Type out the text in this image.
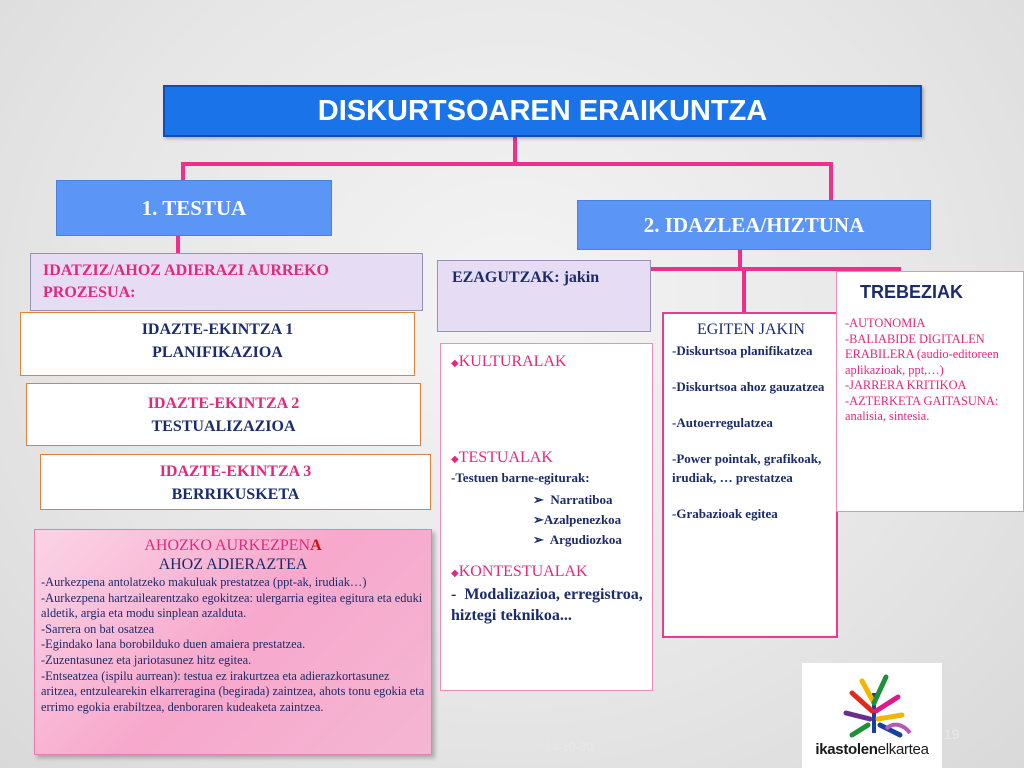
DISKURTSOAREN ERAIKUNTZA
1. TESTUA
IDATZIZ/AHOZ ADIERAZI AURREKO PROZESUA:
IDAZTE-EKINTZA 1
PLANIFIKAZIOA
IDAZTE-EKINTZA 2
TESTUALIZAZIOA
IDAZTE-EKINTZA 3
BERRIKUSKETA
AHOZKO AURKEZPENA
AHOZ ADIERAZTEA
-Aurkezpena antolatzeko makuluak prestatzea (ppt-ak, irudiak…)
-Aurkezpena hartzailearentzako egokitzea: ulergarria egitea egitura eta eduki aldetik, argia eta modu sinplean azalduta.
-Sarrera on bat osatzea
-Egindako lana borobilduko duen amaiera prestatzea.
-Zuzentasunez eta jariotasunez hitz egitea.
-Entseatzea (ispilu aurrean): testua ez irakurtzea eta adierazkortasunez aritzea, entzulearekin elkarreragina (begirada) zaintzea, ahots tonu egokia eta errimo egokia erabiltzea, denboraren kudeaketa zaintzea.
2. IDAZLEA/HIZTUNA
EZAGUTZAK: jakin
◆KULTURALAK
◆TESTUALAK
-Testuen barne-egiturak:
➢  Narratiboa
➢Azalpenezkoa
➢  Argudiozkoa
◆KONTESTUALAK
- Modalizazioa, erregistroa, hiztegi teknikoa...
EGITEN JAKIN
-Diskurtsoa planifikatzea
-Diskurtsoa ahoz gauzatzea
-Autoerregulatzea
-Power pointak, grafikoak, irudiak, … prestatzea
-Grabazioak egitea
TREBEZIAK
-AUTONOMIA
-BALIABIDE DIGITALEN ERABILERA (audio-editoreen aplikazioak, ppt,…)
-JARRERA KRITIKOA
-AZTERKETA GAITASUNA: analisia, sintesia.
ikastolenelkartea
14-10-30
19
